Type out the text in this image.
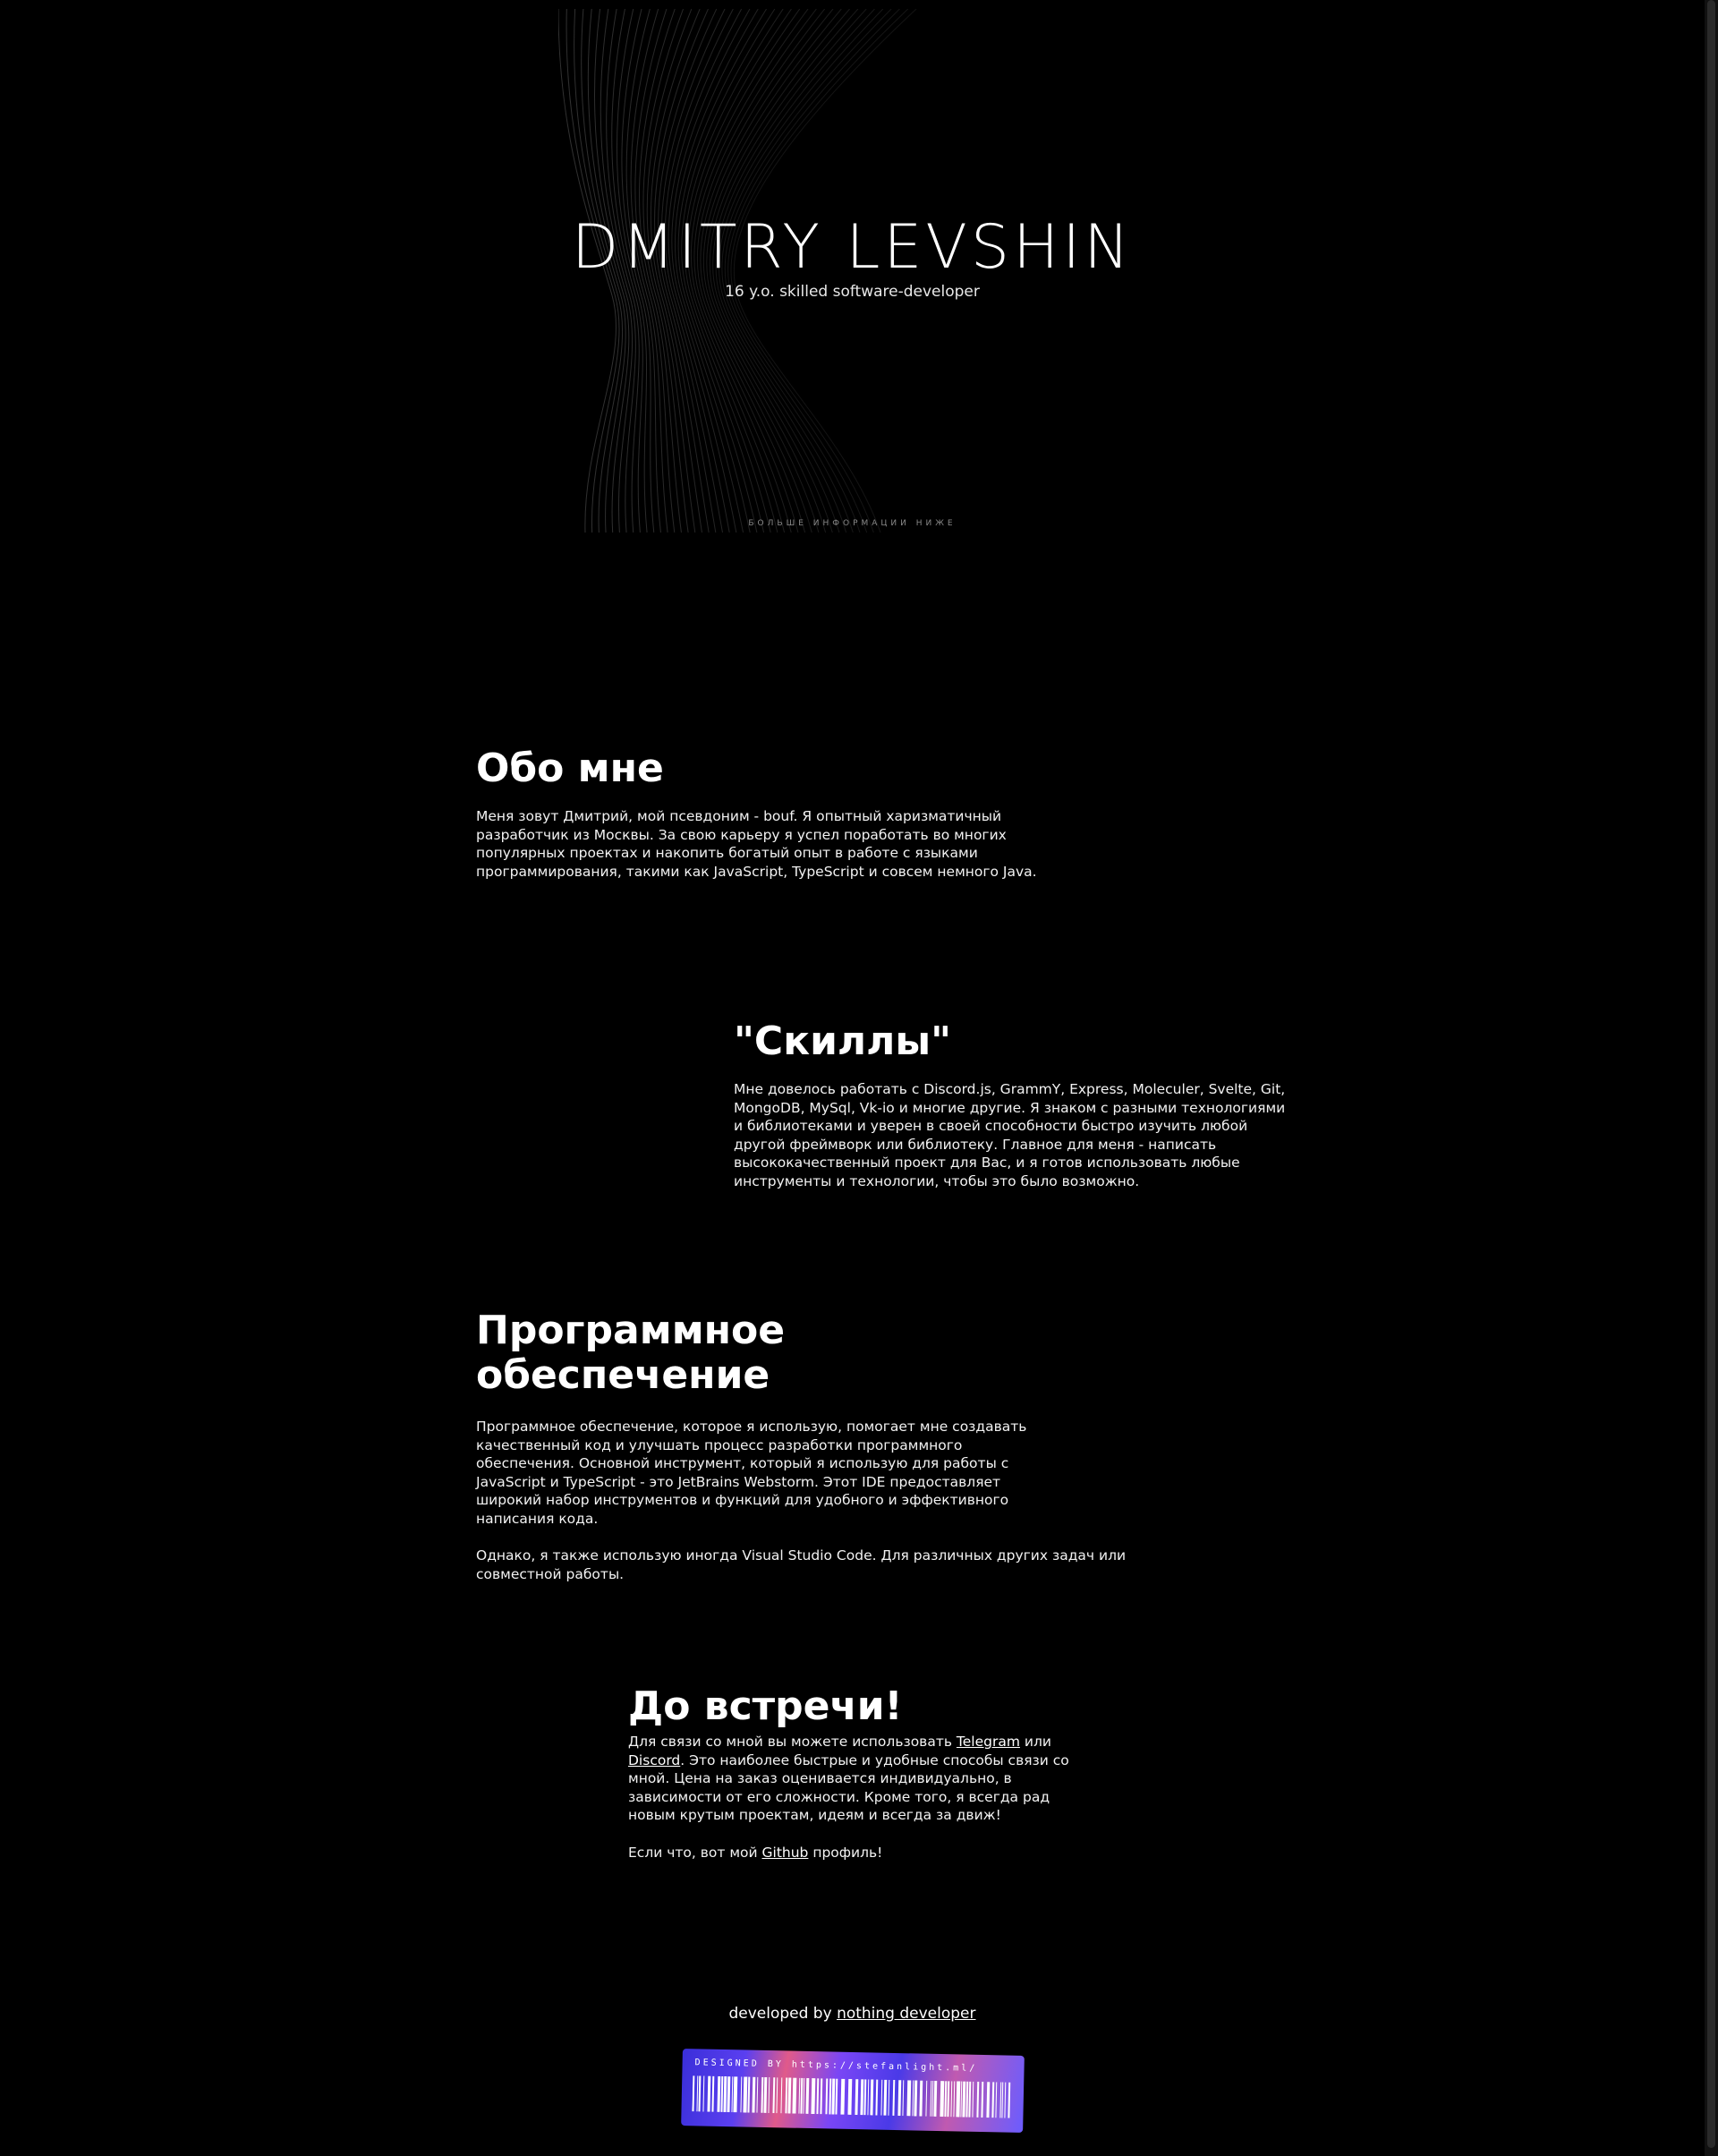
DMITRY LEVSHIN
16 y.o. skilled software-developer
БОЛЬШЕ ИНФОРМАЦИИ НИЖЕ
Обо мне

Меня зовут Дмитрий, мой псевдоним - bouf. Я опытный харизматичный разработчик из Москвы. За свою карьеру я успел поработать во многих популярных проектах и накопить богатый опыт в работе с языками программирования, такими как JavaScript, TypeScript и совсем немного Java.

"Скиллы"

Мне довелось работать с Discord.js, GrammY, Express, Moleculer, Svelte, Git, MongoDB, MySql, Vk-io и многие другие. Я знаком с разными технологиями и библиотеками и уверен в своей способности быстро изучить любой другой фреймворк или библиотеку. Главное для меня - написать высококачественный проект для Вас, и я готов использовать любые инструменты и технологии, чтобы это было возможно.

Программное обеспечение

Программное обеспечение, которое я использую, помогает мне создавать качественный код и улучшать процесс разработки программного обеспечения. Основной инструмент, который я использую для работы с JavaScript и TypeScript - это JetBrains Webstorm. Этот IDE предоставляет широкий набор инструментов и функций для удобного и эффективного написания кода.

Однако, я также использую иногда Visual Studio Code. Для различных других задач или совместной работы.

До встречи!

Для связи со мной вы можете использовать Telegram или Discord. Это наиболее быстрые и удобные способы связи со мной. Цена на заказ оценивается индивидуально, в зависимости от его сложности. Кроме того, я всегда рад новым крутым проектам, идеям и всегда за движ!

Если что, вот мой Github профиль!

developed by nothing developer
DESIGNED BY https://stefanlight.ml/
